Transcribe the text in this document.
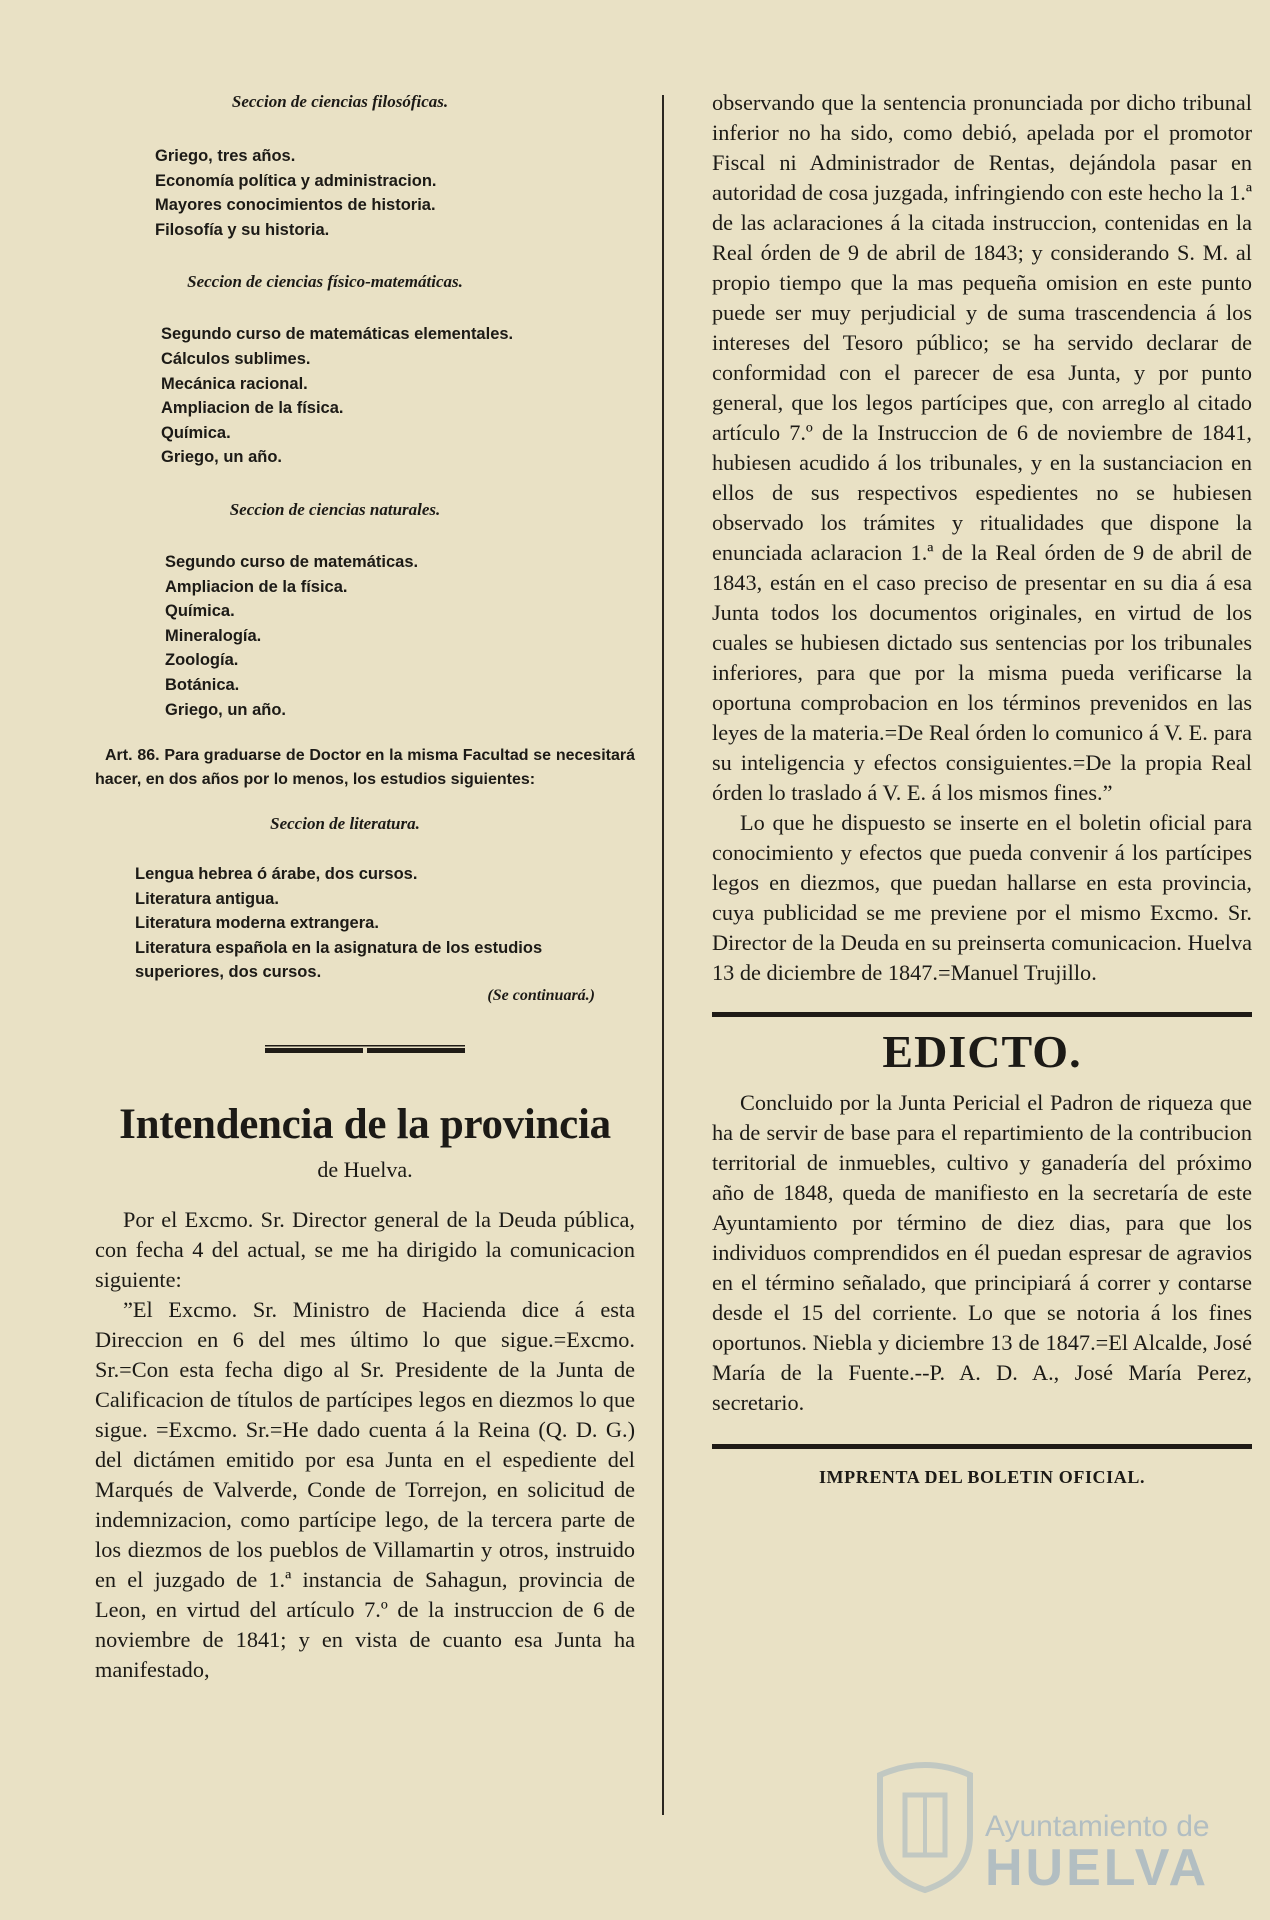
Seccion de ciencias filosóficas.
Griego, tres años.
Economía política y administracion.
Mayores conocimientos de historia.
Filosofía y su historia.
Seccion de ciencias físico-matemáticas.
Segundo curso de matemáticas elementales.
Cálculos sublimes.
Mecánica racional.
Ampliacion de la física.
Química.
Griego, un año.
Seccion de ciencias naturales.
Segundo curso de matemáticas.
Ampliacion de la física.
Química.
Mineralogía.
Zoología.
Botánica.
Griego, un año.

Art. 86. Para graduarse de Doctor en la misma Facultad se necesitará hacer, en dos años por lo menos, los estudios siguientes:

Seccion de literatura.
Lengua hebrea ó árabe, dos cursos.
Literatura antigua.
Literatura moderna extrangera.
Literatura española en la asignatura de los estudios superiores, dos cursos.
(Se continuará.)
Intendencia de la provincia
de Huelva.

Por el Excmo. Sr. Director general de la Deuda pública, con fecha 4 del actual, se me ha dirigido la comunicacion siguiente:

”El Excmo. Sr. Ministro de Hacienda dice á esta Direccion en 6 del mes último lo que sigue.=Excmo. Sr.=Con esta fecha digo al Sr. Presidente de la Junta de Calificacion de títulos de partícipes legos en diezmos lo que sigue. =Excmo. Sr.=He dado cuenta á la Reina (Q. D. G.) del dictámen emitido por esa Junta en el espediente del Marqués de Valverde, Conde de Torrejon, en solicitud de indemnizacion, como partícipe lego, de la tercera parte de los diezmos de los pueblos de Villamartin y otros, instruido en el juzgado de 1.ª instancia de Sahagun, provincia de Leon, en virtud del artículo 7.º de la instruccion de 6 de noviembre de 1841; y en vista de cuanto esa Junta ha manifestado,

observando que la sentencia pronunciada por dicho tribunal inferior no ha sido, como debió, apelada por el promotor Fiscal ni Administrador de Rentas, dejándola pasar en autoridad de cosa juzgada, infringiendo con este hecho la 1.ª de las aclaraciones á la citada instruccion, contenidas en la Real órden de 9 de abril de 1843; y considerando S. M. al propio tiempo que la mas pequeña omision en este punto puede ser muy perjudicial y de suma trascendencia á los intereses del Tesoro público; se ha servido declarar de conformidad con el parecer de esa Junta, y por punto general, que los legos partícipes que, con arreglo al citado artículo 7.º de la Instruccion de 6 de noviembre de 1841, hubiesen acudido á los tribunales, y en la sustanciacion en ellos de sus respectivos espedientes no se hubiesen observado los trámites y ritualidades que dispone la enunciada aclaracion 1.ª de la Real órden de 9 de abril de 1843, están en el caso preciso de presentar en su dia á esa Junta todos los documentos originales, en virtud de los cuales se hubiesen dictado sus sentencias por los tribunales inferiores, para que por la misma pueda verificarse la oportuna comprobacion en los términos prevenidos en las leyes de la materia.=De Real órden lo comunico á V. E. para su inteligencia y efectos consiguientes.=De la propia Real órden lo traslado á V. E. á los mismos fines.”

Lo que he dispuesto se inserte en el boletin oficial para conocimiento y efectos que pueda convenir á los partícipes legos en diezmos, que puedan hallarse en esta provincia, cuya publicidad se me previene por el mismo Excmo. Sr. Director de la Deuda en su preinserta comunicacion. Huelva 13 de diciembre de 1847.=Manuel Trujillo.

EDICTO.

Concluido por la Junta Pericial el Padron de riqueza que ha de servir de base para el repartimiento de la contribucion territorial de inmuebles, cultivo y ganadería del próximo año de 1848, queda de manifiesto en la secretaría de este Ayuntamiento por término de diez dias, para que los individuos comprendidos en él puedan espresar de agravios en el término señalado, que principiará á correr y contarse desde el 15 del corriente. Lo que se notoria á los fines oportunos. Niebla y diciembre 13 de 1847.=El Alcalde, José María de la Fuente.--P. A. D. A., José María Perez, secretario.

IMPRENTA DEL BOLETIN OFICIAL.
Ayuntamiento de
HUELVA
